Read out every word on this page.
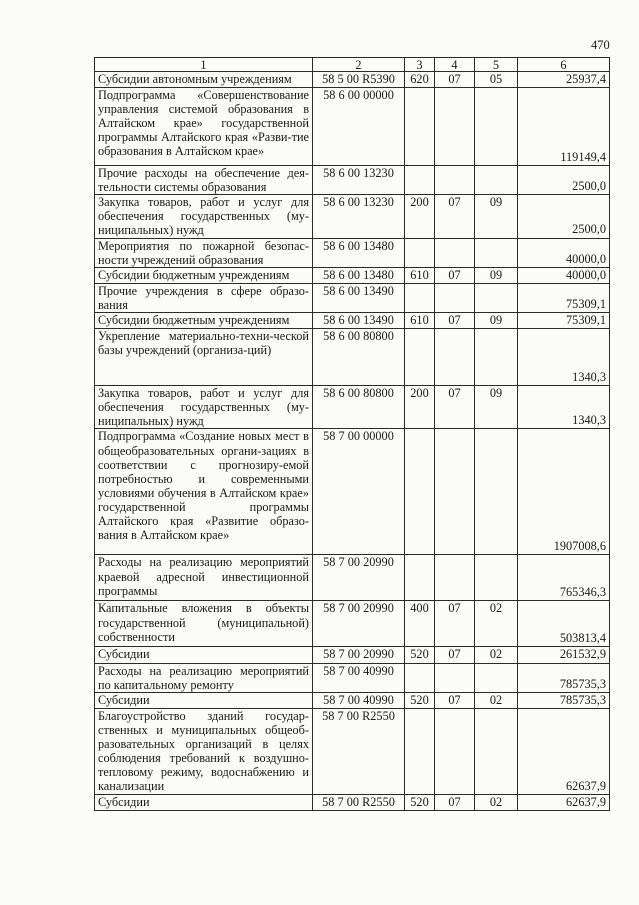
470
1	2	3	4	5	6
Субсидии автономным учреждениям	58 5 00 R5390	620	07	05	25937,4
Подпрограмма «Совершенствование управления системой образования в Алтайском крае» государственной программы Алтайского края «Разви-тие образования в Алтайском крае»	58 6 00 00000				119149,4
Прочие расходы на обеспечение дея-тельности системы образования	58 6 00 13230				2500,0
Закупка товаров, работ и услуг для обеспечения государственных (му-ниципальных) нужд	58 6 00 13230	200	07	09	2500,0
Мероприятия по пожарной безопас-ности учреждений образования	58 6 00 13480				40000,0
Субсидии бюджетным учреждениям	58 6 00 13480	610	07	09	40000,0
Прочие учреждения в сфере образо-вания	58 6 00 13490				75309,1
Субсидии бюджетным учреждениям	58 6 00 13490	610	07	09	75309,1
Укрепление материально-техни-ческой базы учреждений (организа-ций)	58 6 00 80800				1340,3
Закупка товаров, работ и услуг для обеспечения государственных (му-ниципальных) нужд	58 6 00 80800	200	07	09	1340,3
Подпрограмма «Создание новых мест в общеобразовательных органи-зациях в соответствии с прогнозиру-емой потребностью и современными условиями обучения в Алтайском крае» государственной программы Алтайского края «Развитие образо-вания в Алтайском крае»	58 7 00 00000				1907008,6
Расходы на реализацию мероприятий краевой адресной инвестиционной программы	58 7 00 20990				765346,3
Капитальные вложения в объекты государственной (муниципальной) собственности	58 7 00 20990	400	07	02	503813,4
Субсидии	58 7 00 20990	520	07	02	261532,9
Расходы на реализацию мероприятий по капитальному ремонту	58 7 00 40990				785735,3
Субсидии	58 7 00 40990	520	07	02	785735,3
Благоустройство зданий государ-ственных и муниципальных общеоб-разовательных организаций в целях соблюдения требований к воздушно-тепловому режиму, водоснабжению и канализации	58 7 00 R2550				62637,9
Субсидии	58 7 00 R2550	520	07	02	62637,9
